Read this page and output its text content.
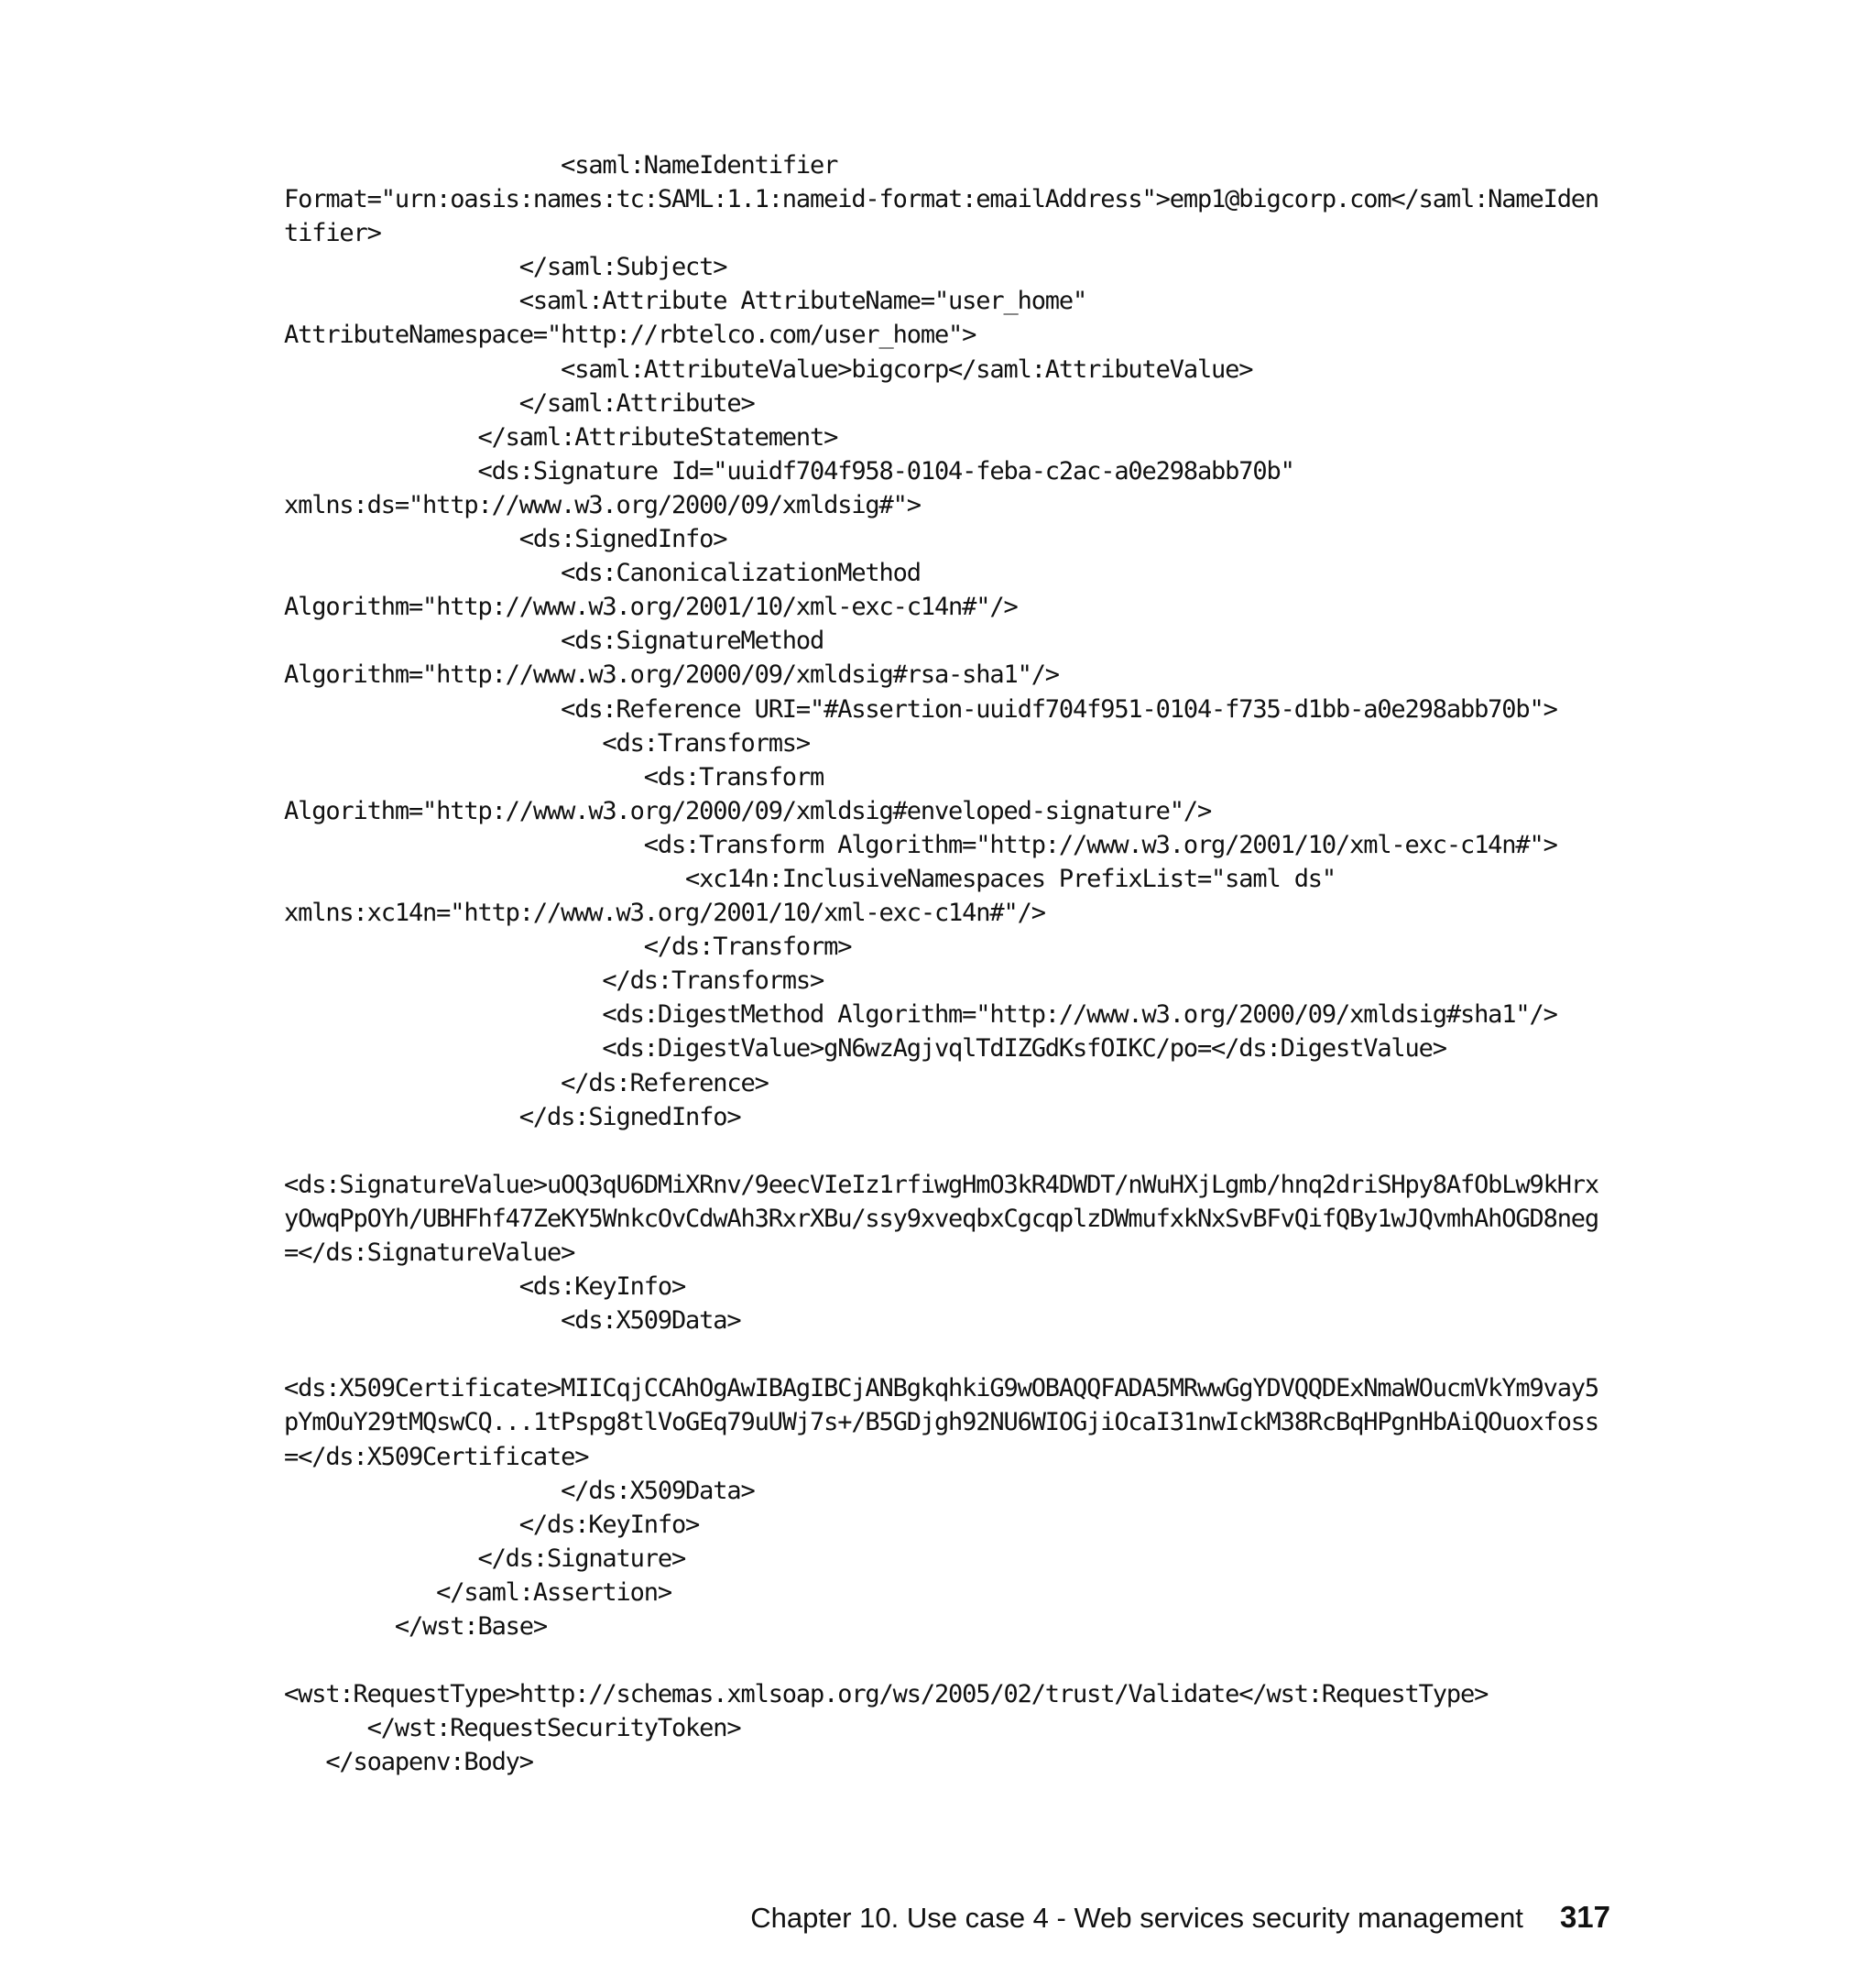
<saml:NameIdentifier
Format="urn:oasis:names:tc:SAML:1.1:nameid-format:emailAddress">emp1@bigcorp.com</saml:NameIden
tifier>
</saml:Subject>
<saml:Attribute AttributeName="user_home"
AttributeNamespace="http://rbtelco.com/user_home">
<saml:AttributeValue>bigcorp</saml:AttributeValue>
</saml:Attribute>
</saml:AttributeStatement>
<ds:Signature Id="uuidf704f958-0104-feba-c2ac-a0e298abb70b"
xmlns:ds="http://www.w3.org/2000/09/xmldsig#">
<ds:SignedInfo>
<ds:CanonicalizationMethod
Algorithm="http://www.w3.org/2001/10/xml-exc-c14n#"/>
<ds:SignatureMethod
Algorithm="http://www.w3.org/2000/09/xmldsig#rsa-sha1"/>
<ds:Reference URI="#Assertion-uuidf704f951-0104-f735-d1bb-a0e298abb70b">
<ds:Transforms>
<ds:Transform
Algorithm="http://www.w3.org/2000/09/xmldsig#enveloped-signature"/>
<ds:Transform Algorithm="http://www.w3.org/2001/10/xml-exc-c14n#">
<xc14n:InclusiveNamespaces PrefixList="saml ds"
xmlns:xc14n="http://www.w3.org/2001/10/xml-exc-c14n#"/>
</ds:Transform>
</ds:Transforms>
<ds:DigestMethod Algorithm="http://www.w3.org/2000/09/xmldsig#sha1"/>
<ds:DigestValue>gN6wzAgjvqlTdIZGdKsfOIKC/po=</ds:DigestValue>
</ds:Reference>
</ds:SignedInfo>
<ds:SignatureValue>uOQ3qU6DMiXRnv/9eecVIeIz1rfiwgHmO3kR4DWDT/nWuHXjLgmb/hnq2driSHpy8AfObLw9kHrx
yOwqPpOYh/UBHFhf47ZeKY5WnkcOvCdwAh3RxrXBu/ssy9xveqbxCgcqplzDWmufxkNxSvBFvQifQBy1wJQvmhAhOGD8neg
=</ds:SignatureValue>
<ds:KeyInfo>
<ds:X509Data>
<ds:X509Certificate>MIICqjCCAhOgAwIBAgIBCjANBgkqhkiG9wOBAQQFADA5MRwwGgYDVQQDExNmaWOucmVkYm9vay5
pYmOuY29tMQswCQ...1tPspg8tlVoGEq79uUWj7s+/B5GDjgh92NU6WIOGjiOcaI31nwIckM38RcBqHPgnHbAiQOuoxfoss
=</ds:X509Certificate>
</ds:X509Data>
</ds:KeyInfo>
</ds:Signature>
</saml:Assertion>
</wst:Base>
<wst:RequestType>http://schemas.xmlsoap.org/ws/2005/02/trust/Validate</wst:RequestType>
</wst:RequestSecurityToken>
</soapenv:Body>
Chapter 10. Use case 4 - Web services security management 317
